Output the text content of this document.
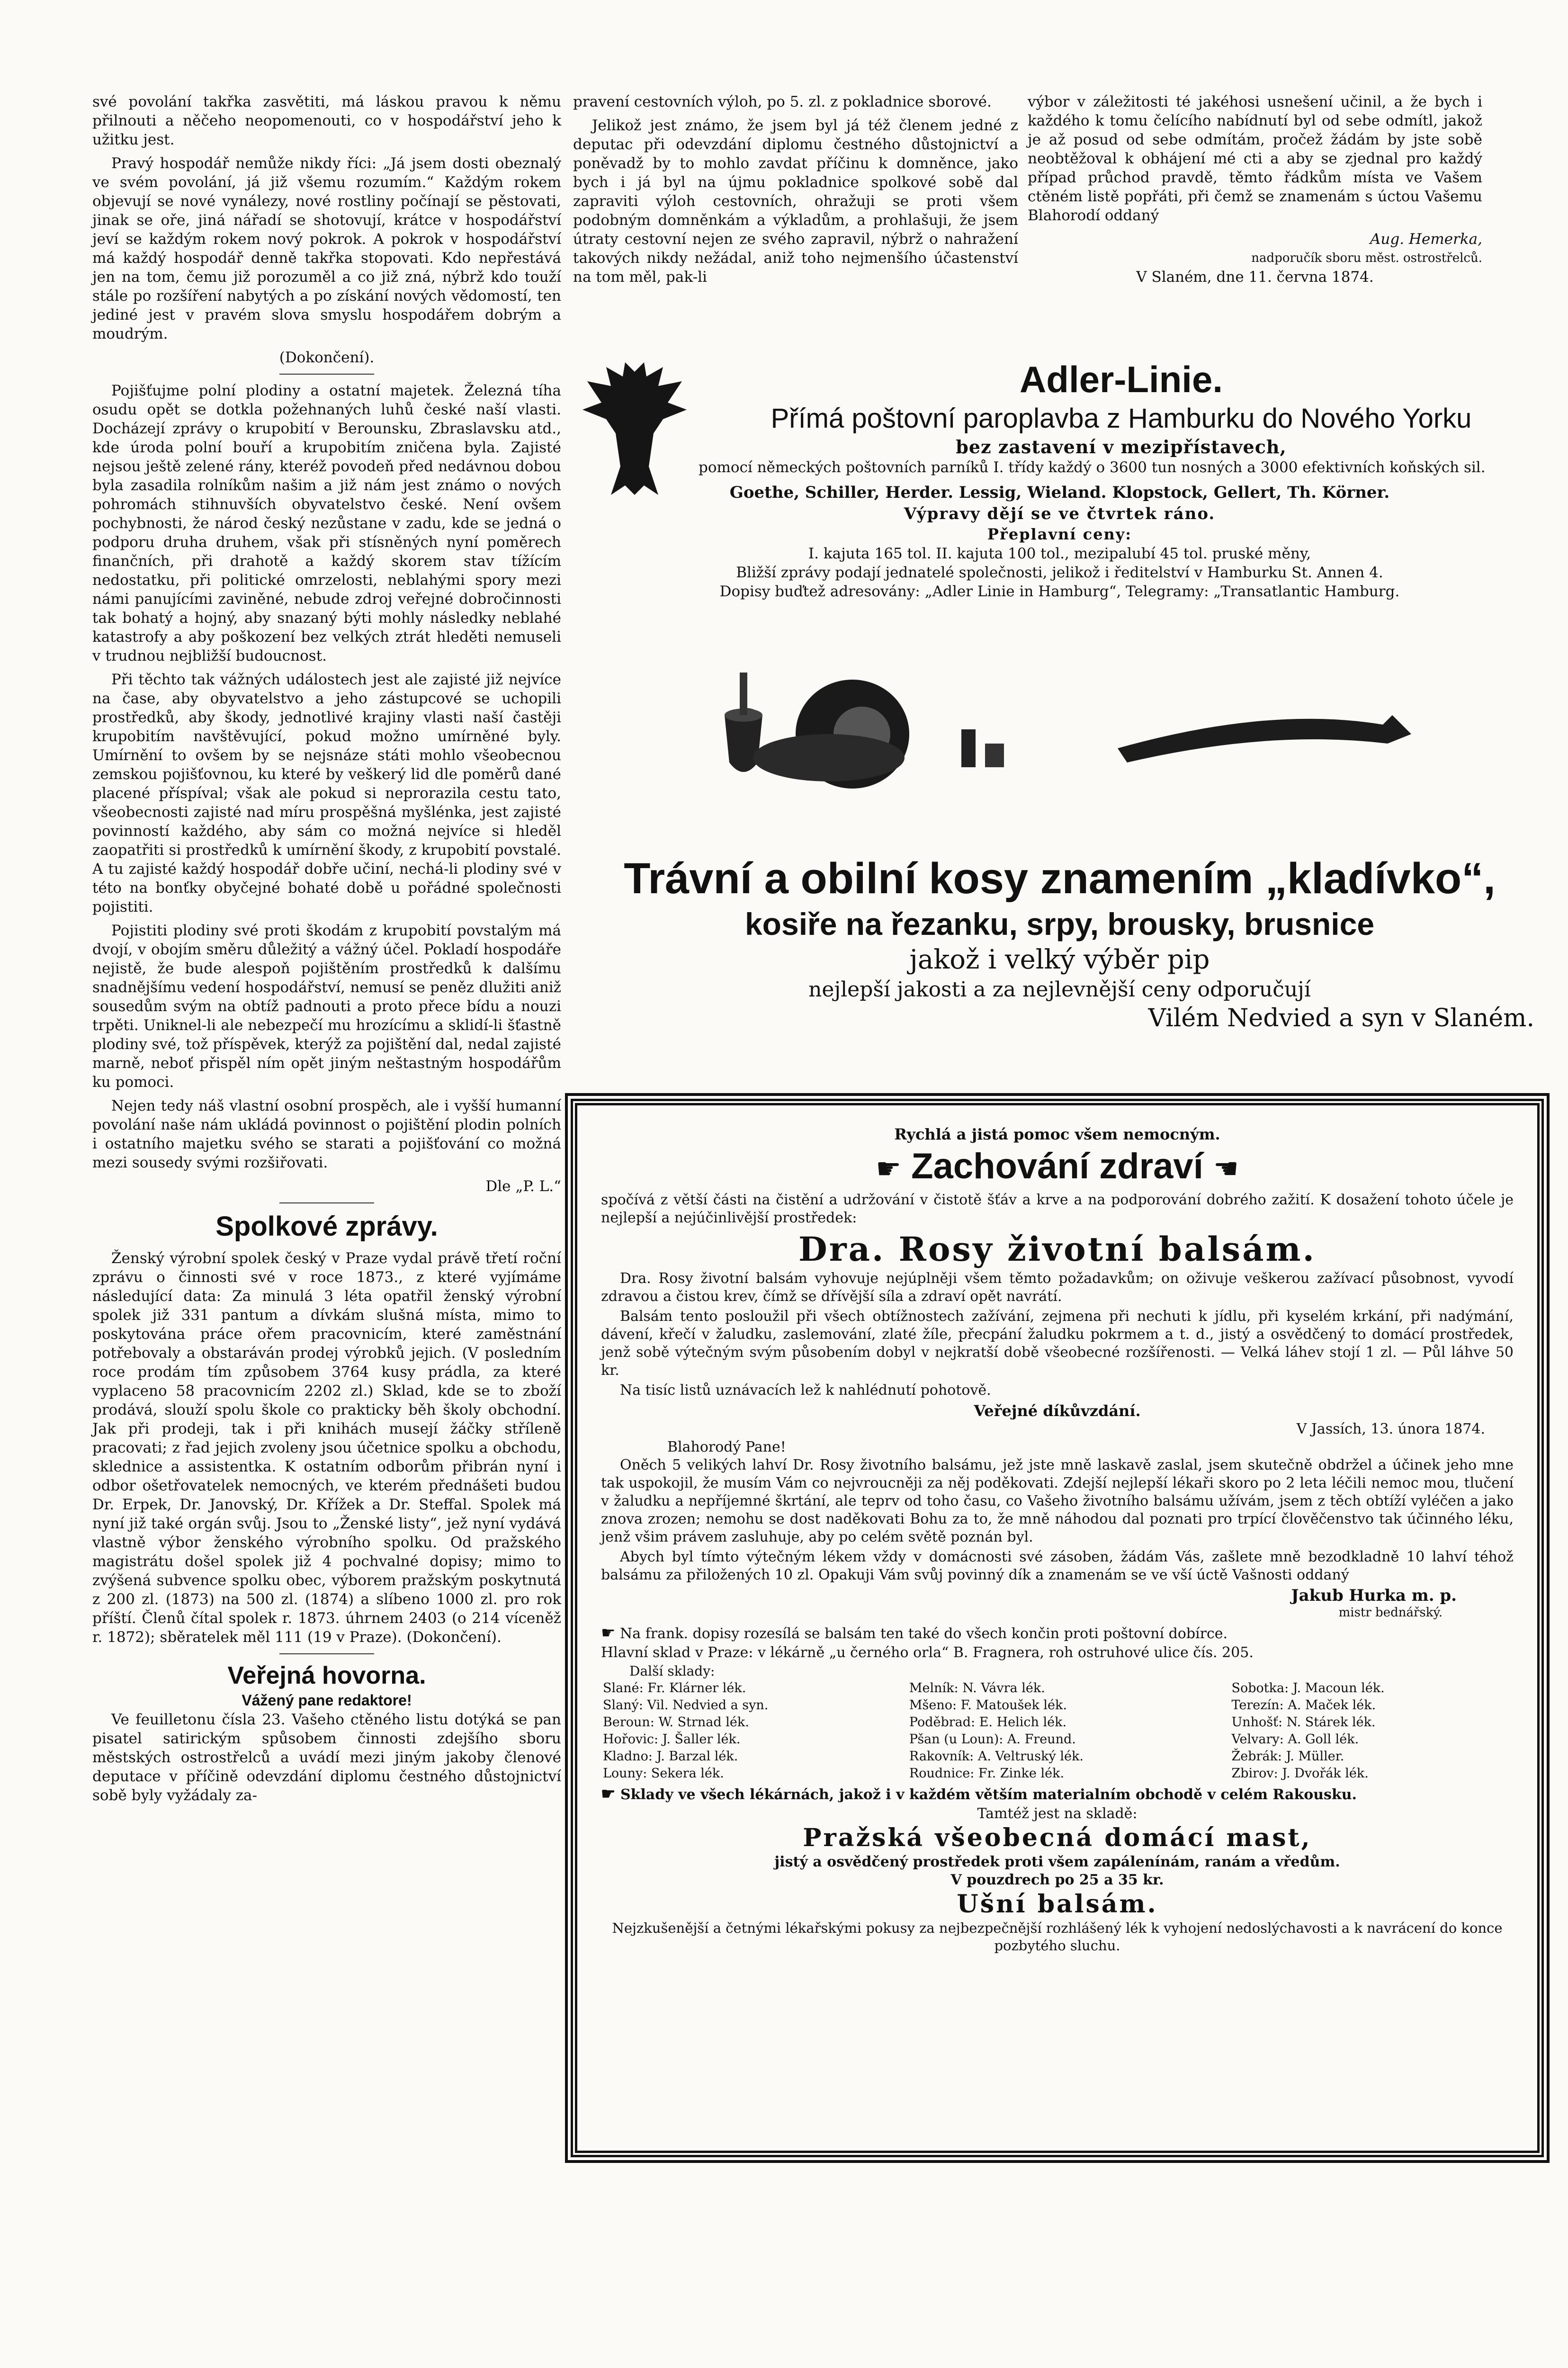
své povolání takřka zasvětiti, má láskou pravou k němu přilnouti a něčeho neopomenouti, co v hospodářství jeho k užitku jest.

Pravý hospodář nemůže nikdy říci: „Já jsem dosti obeznalý ve svém povolání, já již všemu rozumím.“ Každým rokem objevují se nové vynálezy, nové rostliny počínají se pěstovati, jinak se oře, jiná nářadí se shotovují, krátce v hospodářství jeví se každým rokem nový pokrok. A pokrok v hospodářství má každý hospodář denně takřka stopovati. Kdo nepřestává jen na tom, čemu již porozuměl a co již zná, nýbrž kdo touží stále po rozšíření nabytých a po získání nových vědomostí, ten jediné jest v pravém slova smyslu hospodářem dobrým a moudrým.

(Dokončení).

Pojišťujme polní plodiny a ostatní majetek. Železná tíha osudu opět se dotkla požehnaných luhů české naší vlasti. Docházejí zprávy o krupobití v Berounsku, Zbraslavsku atd., kde úroda polní bouří a krupobitím zničena byla. Zajisté nejsou ještě zelené rány, kteréž povodeň před nedávnou dobou byla zasadila rolníkům našim a již nám jest známo o nových pohromách stihnuvších obyvatelstvo české. Není ovšem pochybnosti, že národ český nezůstane v zadu, kde se jedná o podporu druha druhem, však při stísněných nyní poměrech finančních, při drahotě a každý skorem stav tížícím nedostatku, při politické omrzelosti, neblahými spory mezi námi panujícími zaviněné, nebude zdroj veřejné dobročinnosti tak bohatý a hojný, aby snazaný býti mohly následky neblahé katastrofy a aby poškození bez velkých ztrát hleděti nemuseli v trudnou nejbližší budoucnost.

Při těchto tak vážných událostech jest ale zajisté již nejvíce na čase, aby obyvatelstvo a jeho zástupcové se uchopili prostředků, aby škody, jednotlivé krajiny vlasti naší častěji krupobitím navštěvující, pokud možno umírněné byly. Umírnění to ovšem by se nejsnáze státi mohlo všeobecnou zemskou pojišťovnou, ku které by veškerý lid dle poměrů dané placené příspíval; však ale pokud si neprorazila cestu tato, všeobecnosti zajisté nad míru prospěšná myšlénka, jest zajisté povinností každého, aby sám co možná nejvíce si hleděl zaopatřiti si prostředků k umírnění škody, z krupobití povstalé. A tu zajisté každý hospodář dobře učiní, nechá-li plodiny své v této na bonťky obyčejné bohaté době u pořádné společnosti pojistiti.

Pojistiti plodiny své proti škodám z krupobití povstalým má dvojí, v obojím směru důležitý a vážný účel. Pokladí hospodáře nejistě, že bude alespoň pojištěním prostředků k dalšímu snadnějšímu vedení hospodářství, nemusí se peněz dlužiti aniž sousedům svým na obtíž padnouti a proto přece bídu a nouzi trpěti. Uniknel-li ale nebezpečí mu hrozícímu a sklidí-li šťastně plodiny své, tož příspěvek, kterýž za pojištění dal, nedal zajisté marně, neboť přispěl ním opět jiným neštastným hospodářům ku pomoci.

Nejen tedy náš vlastní osobní prospěch, ale i vyšší humanní povolání naše nám ukládá povinnost o pojištění plodin polních i ostatního majetku svého se starati a pojišťování co možná mezi sousedy svými rozšiřovati.

Dle „P. L.“

Spolkové zprávy.

Ženský výrobní spolek český v Praze vydal právě třetí roční zprávu o činnosti své v roce 1873., z které vyjímáme následující data: Za minulá 3 léta opatřil ženský výrobní spolek již 331 pantum a dívkám slušná místa, mimo to poskytována práce ořem pracovnicím, které zaměstnání potřebovaly a obstaráván prodej výrobků jejich. (V posledním roce prodám tím způsobem 3764 kusy prádla, za které vyplaceno 58 pracovnicím 2202 zl.) Sklad, kde se to zboží prodává, slouží spolu škole co prakticky běh školy obchodní. Jak při prodeji, tak i při knihách musejí žáčky stříleně pracovati; z řad jejich zvoleny jsou účetnice spolku a obchodu, sklednice a assistentka. K ostatním odborům přibrán nyní i odbor ošetřovatelek nemocných, ve kterém přednášeti budou Dr. Erpek, Dr. Janovský, Dr. Křížek a Dr. Steffal. Spolek má nyní již také orgán svůj. Jsou to „Ženské listy“, jež nyní vydává vlastně výbor ženského výrobního spolku. Od pražského magistrátu došel spolek již 4 pochvalné dopisy; mimo to zvýšená subvence spolku obec, výborem pražským poskytnutá z 200 zl. (1873) na 500 zl. (1874) a slíbeno 1000 zl. pro rok příští. Členů čítal spolek r. 1873. úhrnem 2403 (o 214 víceněž r. 1872); sběratelek měl 111 (19 v Praze). (Dokončení).

Veřejná hovorna.
Vážený pane redaktore!

Ve feuilletonu čísla 23. Vašeho ctěného listu dotýká se pan pisatel satirickým spůsobem činnosti zdejšího sboru městských ostrostřelců a uvádí mezi jiným jakoby členové deputace v příčině odevzdání diplomu čestného důstojnictví sobě byly vyžádaly za-

pravení cestovních výloh, po 5. zl. z pokladnice sborové.

Jelikož jest známo, že jsem byl já též členem jedné z deputac při odevzdání diplomu čestného důstojnictví a poněvadž by to mohlo zavdat příčinu k domněnce, jako bych i já byl na újmu pokladnice spolkové sobě dal zapraviti výloh cestovních, ohražuji se proti všem podobným domněnkám a výkladům, a prohlašuji, že jsem útraty cestovní nejen ze svého zapravil, nýbrž o nahražení takových nikdy nežádal, aniž toho nejmenšího účastenství na tom měl, pak-li

výbor v záležitosti té jakéhosi usnešení učinil, a že bych i každého k tomu čelícího nabídnutí byl od sebe odmítl, jakož je až posud od sebe odmítám, pročež žádám by jste sobě neobtěžoval k obhájení mé cti a aby se zjednal pro každý případ průchod pravdě, těmto řádkům místa ve Vašem ctěném listě popřáti, při čemž se znamenám s úctou Vašemu Blahorodí oddaný

Aug. Hemerka,

nadporučík sboru měst. ostrostřelců.

V Slaném, dne 11. června 1874.

Adler-Linie.
Přímá poštovní paroplavba z Hamburku do Nového Yorku
bez zastavení v mezipřístavech,
pomocí německých poštovních parníků I. třídy každý o 3600 tun nosných a 3000 efektivních koňských sil.
Goethe, Schiller, Herder. Lessig, Wieland. Klopstock, Gellert, Th. Körner.
Výpravy dějí se ve čtvrtek ráno.
Přeplavní ceny:
I. kajuta 165 tol. II. kajuta 100 tol., mezipalubí 45 tol. pruské měny,
Bližší zprávy podají jednatelé společnosti, jelikož i ředitelství v Hamburku St. Annen 4.
Dopisy buďtež adresovány: „Adler Linie in Hamburg“, Telegramy: „Transatlantic Hamburg.
Trávní a obilní kosy znamením „kladívko“,
kosiře na řezanku, srpy, brousky, brusnice
jakož i velký výběr pip
nejlepší jakosti a za nejlevnější ceny odporučují
Vilém Nedvied a syn v Slaném.
Rychlá a jistá pomoc všem nemocným.
☛ Zachování zdraví ☚

spočívá z větší části na čistění a udržování v čistotě šťáv a krve a na podporování dobrého zažití. K dosažení tohoto účele je nejlepší a nejúčinlivější prostředek:

Dra. Rosy životní balsám.

Dra. Rosy životní balsám vyhovuje nejúplněji všem těmto požadavkům; on oživuje veškerou zažívací působnost, vyvodí zdravou a čistou krev, čímž se dřívější síla a zdraví opět navrátí.

Balsám tento posloužil při všech obtížnostech zažívání, zejmena při nechuti k jídlu, při kyselém krkání, při nadýmání, dávení, křečí v žaludku, zaslemování, zlaté žíle, přecpání žaludku pokrmem a t. d., jistý a osvědčený to domácí prostředek, jenž sobě výtečným svým působením dobyl v nejkratší době všeobecné rozšířenosti. — Velká láhev stojí 1 zl. — Půl láhve 50 kr.

Na tisíc listů uznávacích lež k nahlédnutí pohotově.

Veřejné díkůvzdání.
V Jassích, 13. února 1874.
Blahorodý Pane!

Oněch 5 velikých lahví Dr. Rosy životního balsámu, jež jste mně laskavě zaslal, jsem skutečně obdržel a účinek jeho mne tak uspokojil, že musím Vám co nejvroucněji za něj poděkovati. Zdejší nejlepší lékaři skoro po 2 leta léčili nemoc mou, tlučení v žaludku a nepříjemné škrtání, ale teprv od toho času, co Vašeho životního balsámu užívám, jsem z těch obtíží vyléčen a jako znova zrozen; nemohu se dost naděkovati Bohu za to, že mně náhodou dal poznati pro trpící člověčenstvo tak účinného léku, jenž všim právem zasluhuje, aby po celém světě poznán byl.

Abych byl tímto výtečným lékem vždy v domácnosti své zásoben, žádám Vás, zašlete mně bezodkladně 10 lahví téhož balsámu za přiložených 10 zl. Opakuji Vám svůj povinný dík a znamenám se ve vší úctě Vašnosti oddaný

Jakub Hurka m. p.
mistr bednářský.

☛ Na frank. dopisy rozesílá se balsám ten také do všech končin proti poštovní dobírce.

Hlavní sklad v Praze: v lékárně „u černého orla“ B. Fragnera, roh ostruhové ulice čís. 205.

Další sklady:
Slané: Fr. Klárner lék.	Melník: N. Vávra lék.	Sobotka: J. Macoun lék.
Slaný: Vil. Nedvied a syn.	Mšeno: F. Matoušek lék.	Terezín: A. Maček lék.
Beroun: W. Strnad lék.	Poděbrad: E. Helich lék.	Unhošť: N. Stárek lék.
Hořovic: J. Šaller lék.	Pšan (u Loun): A. Freund.	Velvary: A. Goll lék.
Kladno: J. Barzal lék.	Rakovník: A. Veltruský lék.	Žebrák: J. Müller.
Louny: Sekera lék.	Roudnice: Fr. Zinke lék.	Zbirov: J. Dvořák lék.

☛ Sklady ve všech lékárnách, jakož i v každém větším materialním obchodě v celém Rakousku.

Tamtéž jest na skladě:
Pražská všeobecná domácí mast,
jistý a osvědčený prostředek proti všem zapálenínám, ranám a vředům.
V pouzdrech po 25 a 35 kr.
Ušní balsám.
Nejzkušenější a četnými lékařskými pokusy za nejbezpečnější rozhlášený lék k vyhojení nedoslýchavosti a k navrácení do konce pozbytého sluchu.
